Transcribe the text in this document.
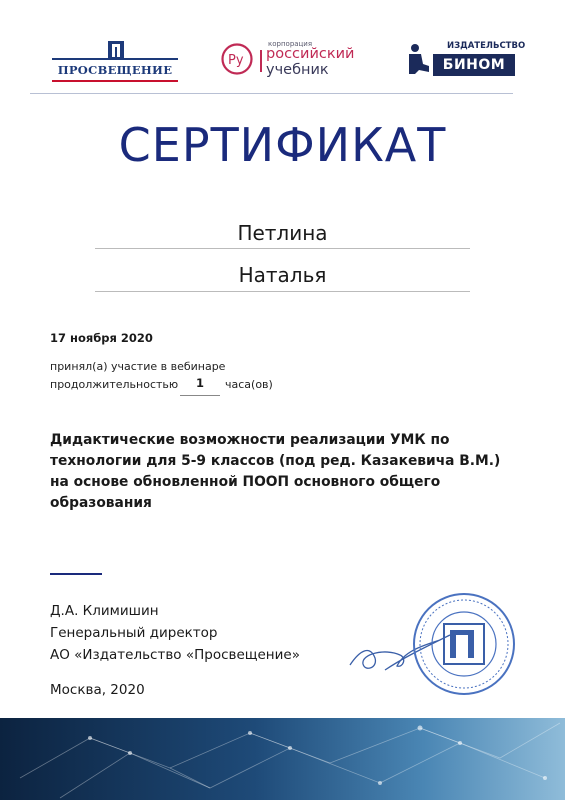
ПРОСВЕЩЕНИЕ
Py
корпорация
российский
учебник
ИЗДАТЕЛЬСТВО
БИНОМ
СЕРТИФИКАТ
Петлина
Наталья
17 ноября 2020
принял(а) участие в вебинаре
продолжительностью	1	часа(ов)
Дидактические возможности реализации УМК по технологии для 5-9 классов (под ред. Казакевича В.М.) на основе обновленной ПООП основного общего образования
Д.А. Климишин
Генеральный директор
АО «Издательство «Просвещение»
Москва, 2020
